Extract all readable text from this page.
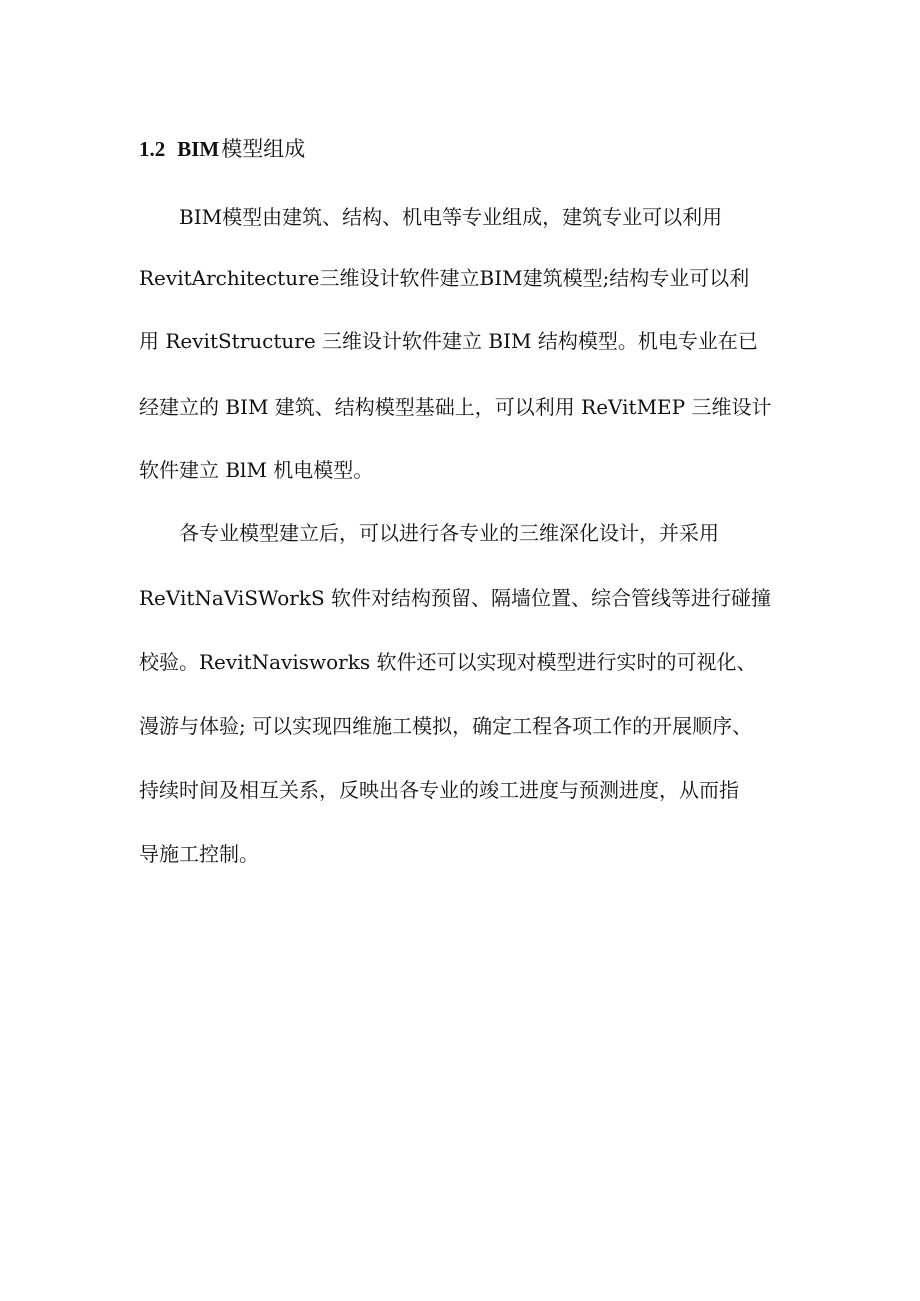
1.2 BIM模型组成
　　BIM模型由建筑、结构、机电等专业组成，建筑专业可以利用
RevitArchitecture三维设计软件建立BIM建筑模型;结构专业可以利
用 RevitStructure 三维设计软件建立 BIM 结构模型。机电专业在已
经建立的 BIM 建筑、结构模型基础上，可以利用 ReVitMEP 三维设计
软件建立 BlM 机电模型。
　　各专业模型建立后，可以进行各专业的三维深化设计，并采用
ReVitNaViSWorkS 软件对结构预留、隔墙位置、综合管线等进行碰撞
校验。RevitNavisworks 软件还可以实现对模型进行实时的可视化、
漫游与体验; 可以实现四维施工模拟，确定工程各项工作的开展顺序、
持续时间及相互关系，反映出各专业的竣工进度与预测进度，从而指
导施工控制。
